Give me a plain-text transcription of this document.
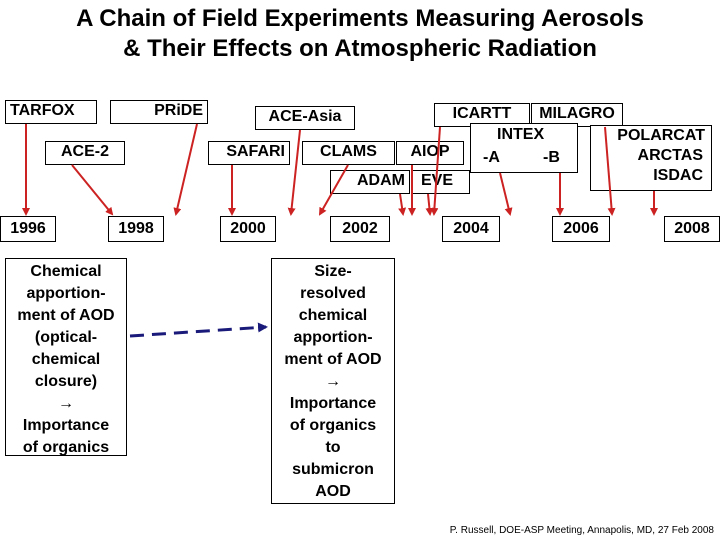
A Chain of Field Experiments Measuring Aerosols
& Their Effects on Atmospheric Radiation
TARFOX	PRiDE	ACE-Asia
ACE-2	SAFARI	CLAMS
ADAM
AIOP
EVE
ICARTT	MILAGRO
INTEX
-A	-B
POLARCAT
ARCTAS
ISDAC
1996	1998	2000	2002	2004	2006	2008
Chemical
apportion-
ment of AOD
(optical-
chemical
closure)
→
Importance
of organics
Size-
resolved
chemical
apportion-
ment of AOD
→
Importance
of organics
to
submicron
AOD
P. Russell, DOE-ASP Meeting, Annapolis, MD, 27 Feb 2008
